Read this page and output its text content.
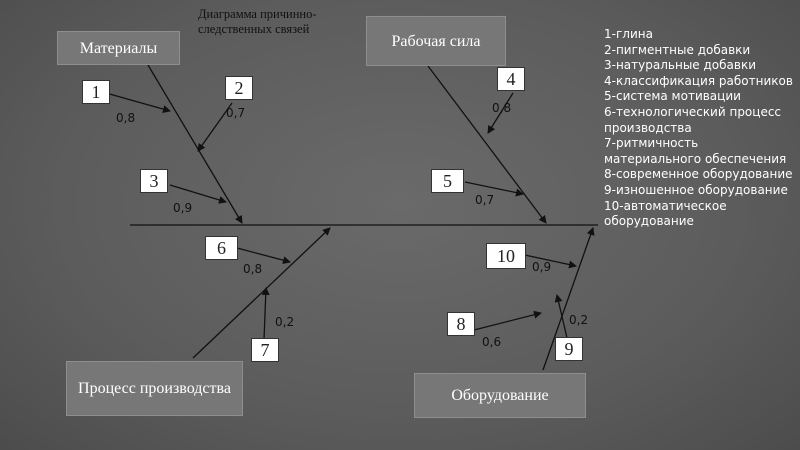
Диаграмма причинно-следственных связей
Материалы	Рабочая сила
Процесс производства	Оборудование
1	2
3
4
5
6
7
8
9
10
0,8	0,7
0,9
0,8
0,7
0,8
0,2
0,6
0,2
0,9
1-глина
2-пигментные добавки
3-натуральные добавки
4-классификация работников
5-система мотивации
6-технологический процесс производства
7-ритмичность материального обеспечения
8-современное оборудование
9-изношенное оборудование
10-автоматическое оборудование
